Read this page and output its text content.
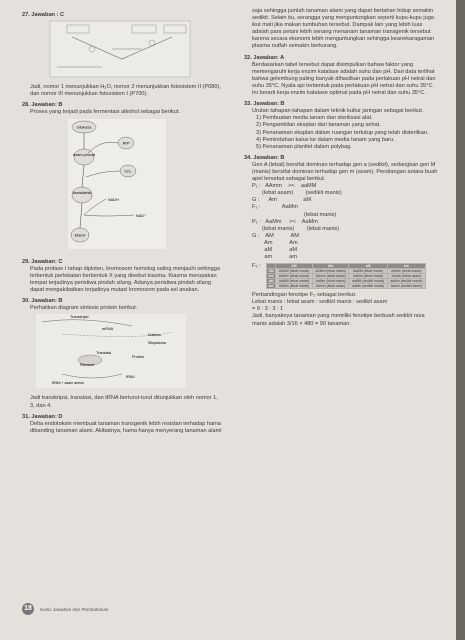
27. Jawaban : C
Jadi, nomor 1 menunjukkan H₂O, nomor 2 menunjukkan fotosistem II (P680), dan nomor III menunjukkan fotosistem I (P700).
28. Jawaban: B
Proses yang terjadi pada fermentasi alkohol sebagai berikut.
Glukosa
Asam piruvat
ATP
CO₂
Asetaldehid
Etanol
NADH
NAD⁺
29. Jawaban: C
Pada profase I tahap diploten, kromosom homolog saling menjauhi sehingga terbentuk perlekatan berbentuk X yang disebut kiasma. Kiasma merupakan tempat terjadinya peristiwa pindah silang. Adanya peristiwa pindah silang dapat mengakibatkan terjadinya mutasi kromosom pada sel anakan.
30. Jawaban: B
Perhatikan diagram sintesis protein berikut.
Transkripsi
mRNA
Nukleus
Sitoplasma
Translasi
Protein
Ribosom
tRNA + asam amino
tRNA
Jadi transkripsi, translasi, dan tRNA berturut-turut ditunjukkan oleh nomor 1, 3, dan 4.
31. Jawaban: D
Delta endotoksin membuat tanaman transgenik lebih resistan terhadap hama dibanding tanaman alami. Akibatnya, hama hanya menyerang tanaman alami
saja sehingga jumlah tanaman alami yang dapat bertahan hidup semakin sedikit. Selain itu, serangga yang menguntungkan seperti kupu-kupu juga ikut mati jika makan tumbuhan tersebut. Dampak lain yang lebih luas adalah para petani lebih senang menanam tanaman transgenik tersebut karena secara ekonomi lebih menguntungkan sehingga keanekaragaman plasma nutfah semakin berkurang.
32. Jawaban: A
Berdasarkan tabel tersebut dapat disimpulkan bahwa faktor yang memengaruhi kerja enzim katalase adalah suhu dan pH. Dari data terlihat bahwa gelembung paling banyak dihasilkan pada perlakuan pH netral dan suhu 35°C. Nyala api terbentuk pada perlakuan pH netral dan suhu 35°C. Ini berarti kerja enzim katalase optimal pada pH netral dan suhu 35°C.
33. Jawaban: B
Urutan tahapan-tahapan dalam teknik kultur jaringan sebagai berikut.
1) Pembuatan media tanam dan sterilisasi alat.
2) Pengambilan eksplan dari tanaman yang sehat.
3) Penanaman eksplan dalam ruangan tertutup yang telah disterilkan.
4) Pemindahan kalus ke dalam media tanam yang baru.
5) Penanaman plantlet dalam polybag.
34. Jawaban: B
Gen A (lebat) bersifat dominan terhadap gen a (sedikit), sedangkan gen M (manis) bersifat dominan terhadap gen m (asam). Persilangan antara buah apel tersebut sebagai berikut.
P₁ :   AAmm    ><    aaMM
(lebat asam)        (sedikit manis)
G :      Am                 aM
F₁ :              AaMm
(lebat manis)
P₂ :   AaMm     ><    AaMm
(lebat manis)        (lebat manis)
G :    AM           AM
Am           Am
aM           aM
am           am
F₂ :
		AM	Am	aM	am
AM	AAMM (lebat manis)	AAMm (lebat manis)	AaMM (lebat manis)	AaMm (lebat manis)
Am	AAMm (lebat manis)	AAmm (lebat asam)	AaMm (lebat manis)	Aamm (lebat asam)
aM	AaMM (lebat manis)	AaMm (lebat manis)	aaMM (sedikit manis)	aaMm (sedikit manis)
am	AaMm (lebat manis)	Aamm (lebat asam)	aaMm (sedikit manis)	aamm (sedikit asam)
Perbandingan fenotipe F₂ sebagai berikut.
Lebat manis : lebat asam : sedikit manis : sedikit asam
= 9 : 3 : 3 : 1
Jadi, banyaknya tanaman yang memiliki fenotipe berbuah sedikit rasa manis adalah 3/16 × 480 = 90 tanaman.
18	Kunci Jawaban dan Pembahasan
